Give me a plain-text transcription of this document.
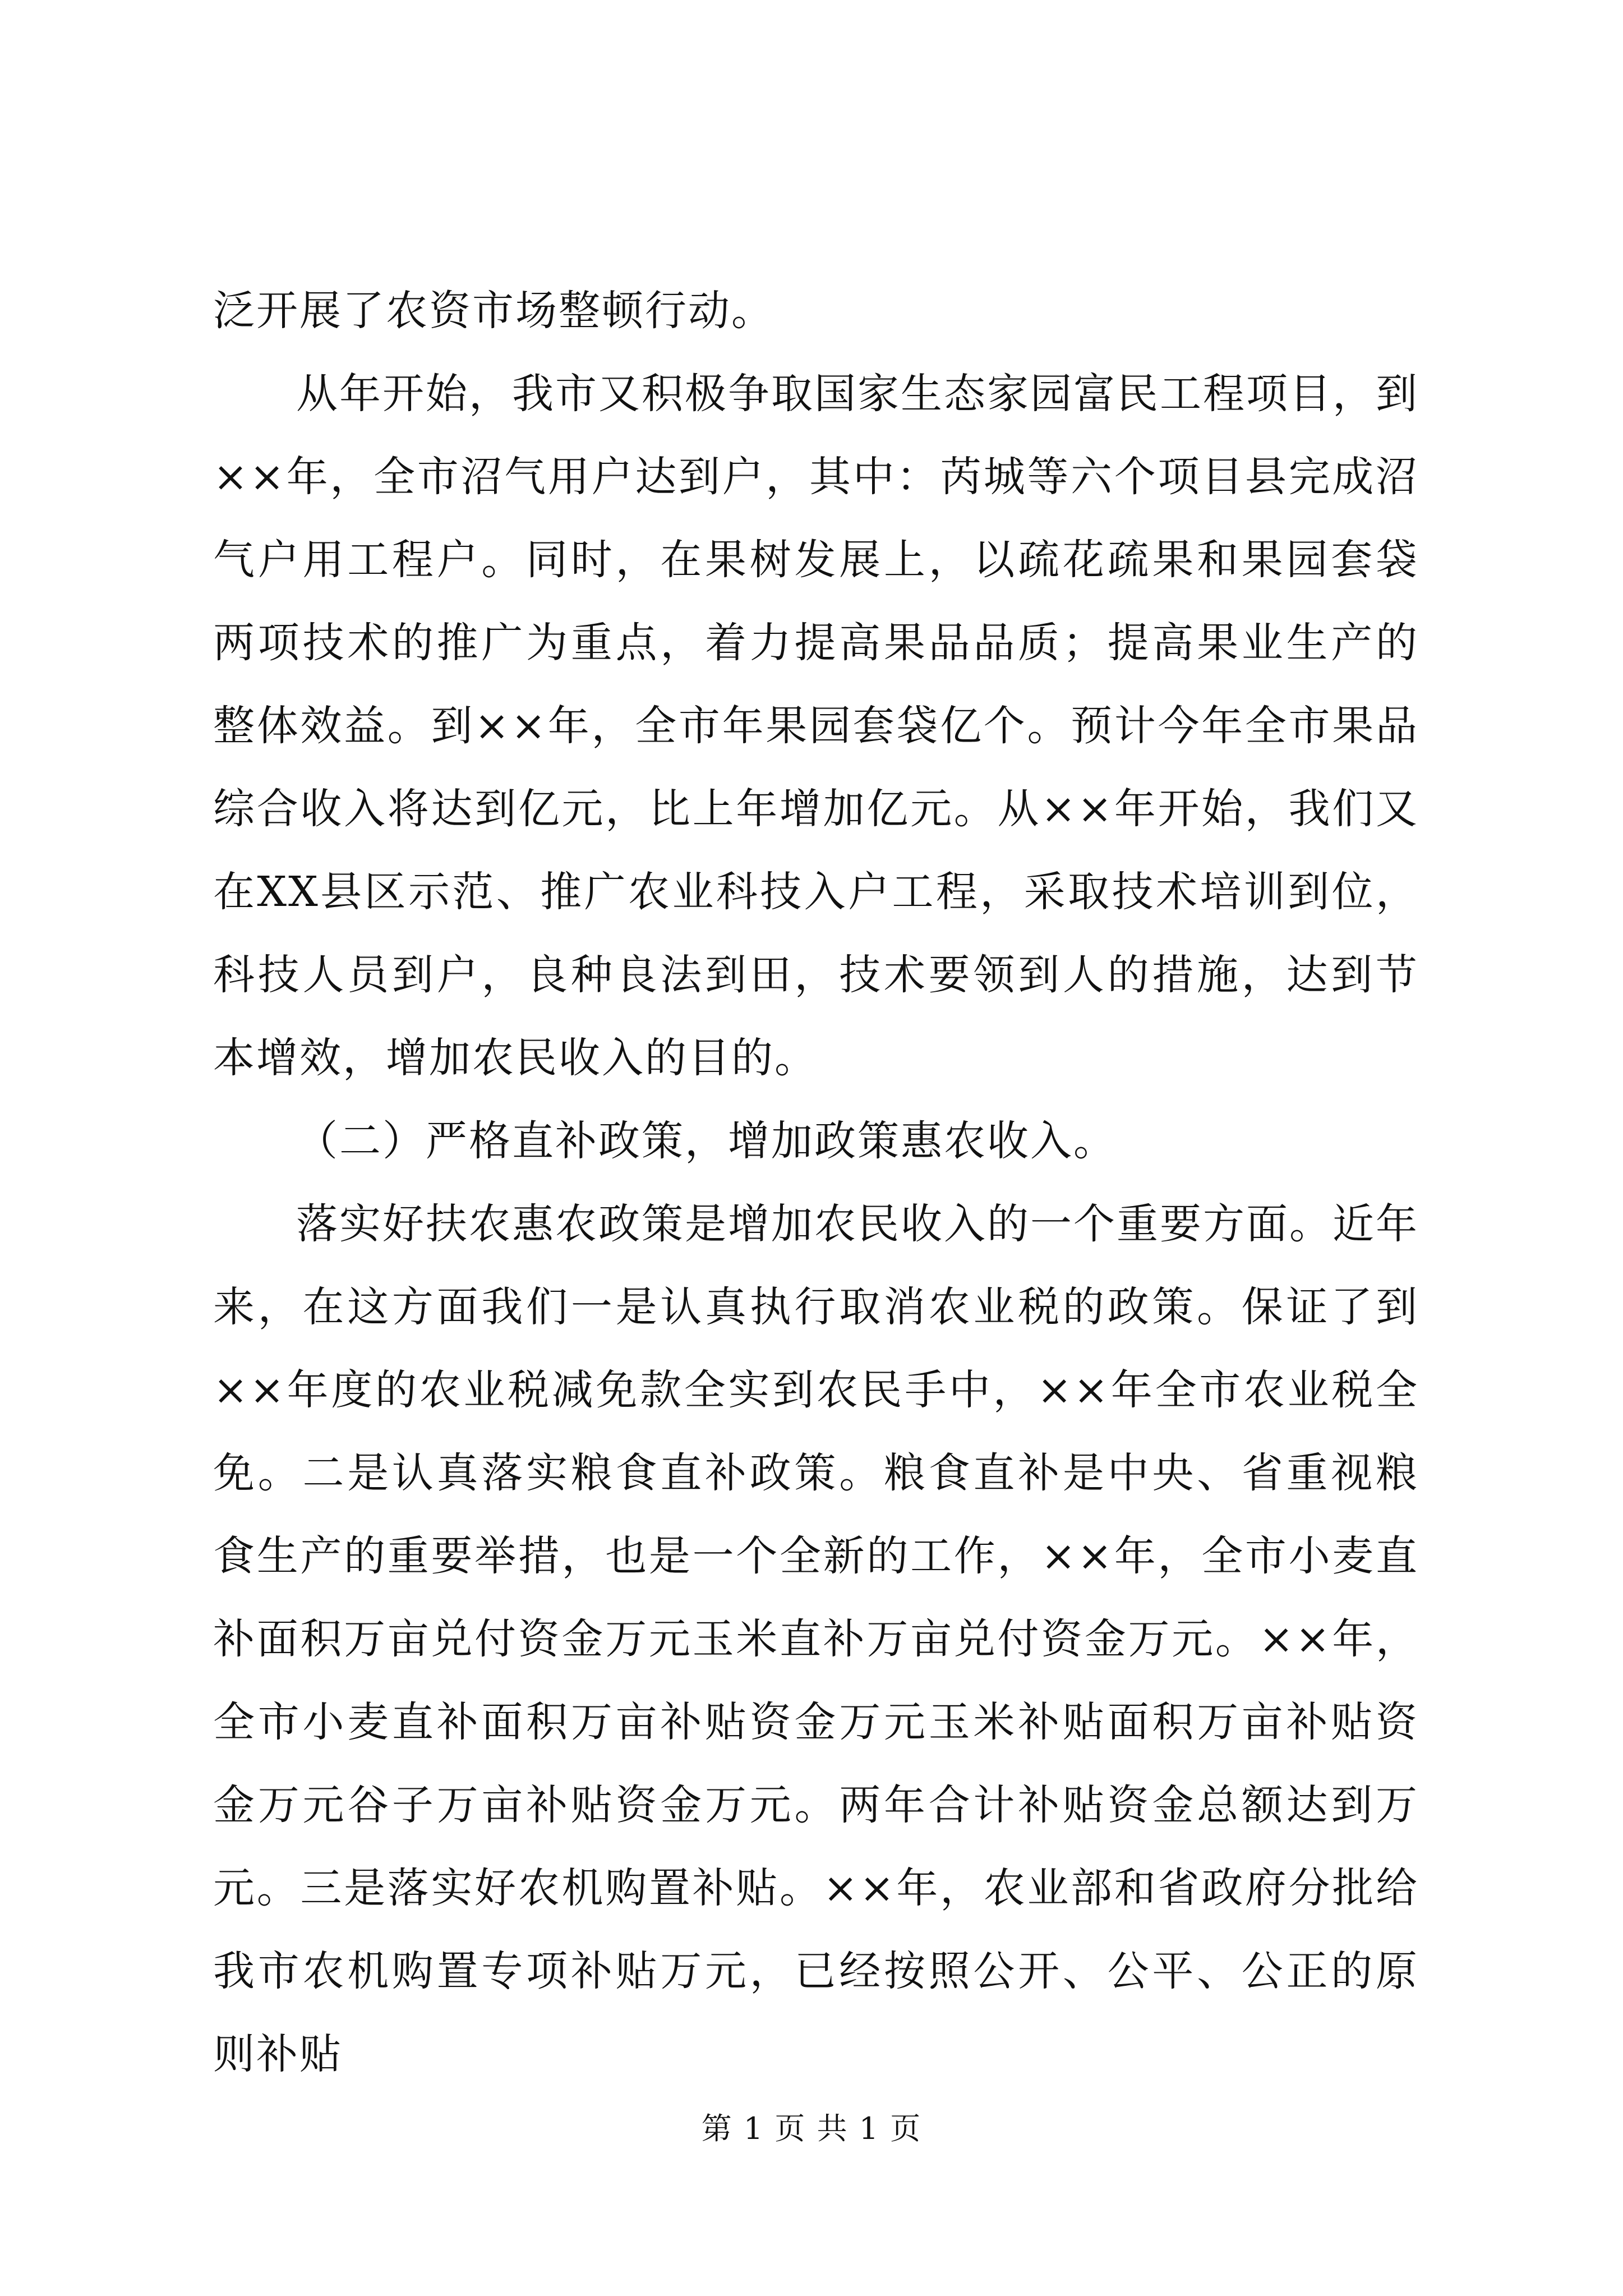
泛开展了农资市场整顿行动。

从年开始，我市又积极争取国家生态家园富民工程项目，到××年，全市沼气用户达到户，其中：芮城等六个项目县完成沼气户用工程户。同时，在果树发展上，以疏花疏果和果园套袋两项技术的推广为重点，着力提高果品品质；提高果业生产的整体效益。到××年，全市年果园套袋亿个。预计今年全市果品综合收入将达到亿元，比上年增加亿元。从××年开始，我们又在XX县区示范、推广农业科技入户工程，采取技术培训到位，科技人员到户，良种良法到田，技术要领到人的措施，达到节本增效，增加农民收入的目的。

（二）严格直补政策，增加政策惠农收入。

落实好扶农惠农政策是增加农民收入的一个重要方面。近年来，在这方面我们一是认真执行取消农业税的政策。保证了到××年度的农业税减免款全实到农民手中，××年全市农业税全免。二是认真落实粮食直补政策。粮食直补是中央、省重视粮食生产的重要举措，也是一个全新的工作，××年，全市小麦直补面积万亩兑付资金万元玉米直补万亩兑付资金万元。××年，全市小麦直补面积万亩补贴资金万元玉米补贴面积万亩补贴资金万元谷子万亩补贴资金万元。两年合计补贴资金总额达到万元。三是落实好农机购置补贴。××年，农业部和省政府分批给我市农机购置专项补贴万元，已经按照公开、公平、公正的原则补贴

第 1 页 共 1 页
